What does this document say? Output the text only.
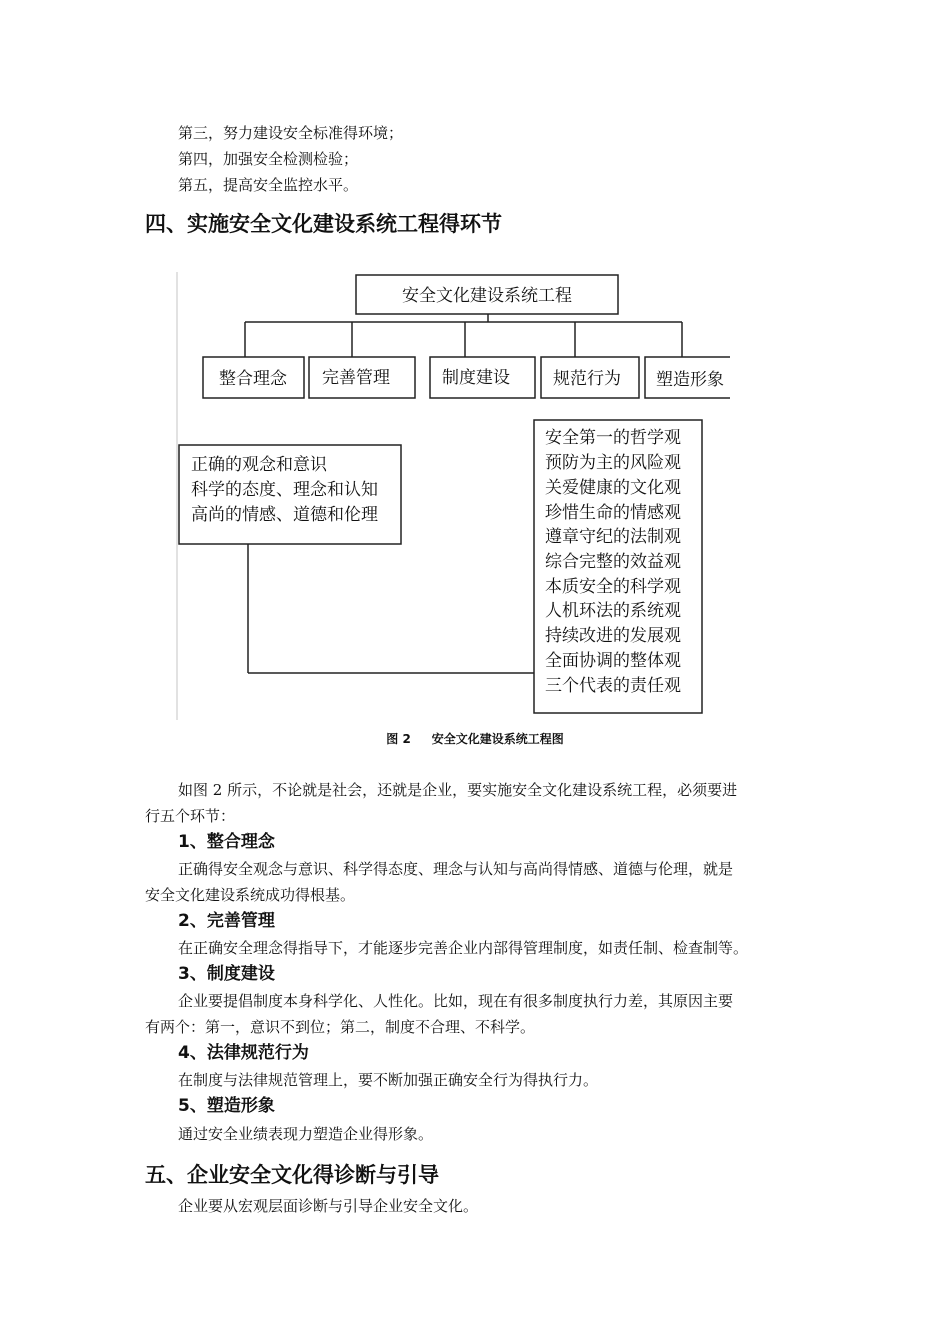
第三，努力建设安全标准得环境；

第四，加强安全检测检验；

第五，提高安全监控水平。

四、实施安全文化建设系统工程得环节
安全文化建设系统工程
整合理念 完善管理	制度建设	规范行为 塑造形象
正确的观念和意识
科学的态度、理念和认知
高尚的情感、道德和伦理
安全第一的哲学观
预防为主的风险观
关爱健康的文化观
珍惜生命的情感观
遵章守纪的法制观
综合完整的效益观
本质安全的科学观
人机环法的系统观
持续改进的发展观
全面协调的整体观
三个代表的责任观
图 2 安全文化建设系统工程图

如图 2 所示，不论就是社会，还就是企业，要实施安全文化建设系统工程，必须要进

行五个环节：

1、整合理念

正确得安全观念与意识、科学得态度、理念与认知与高尚得情感、道德与伦理，就是

安全文化建设系统成功得根基。

2、完善管理

在正确安全理念得指导下，才能逐步完善企业内部得管理制度，如责任制、检查制等。

3、制度建设

企业要提倡制度本身科学化、人性化。比如，现在有很多制度执行力差，其原因主要

有两个：第一，意识不到位；第二，制度不合理、不科学。

4、法律规范行为

在制度与法律规范管理上，要不断加强正确安全行为得执行力。

5、塑造形象

通过安全业绩表现力塑造企业得形象。

五、企业安全文化得诊断与引导

企业要从宏观层面诊断与引导企业安全文化。
